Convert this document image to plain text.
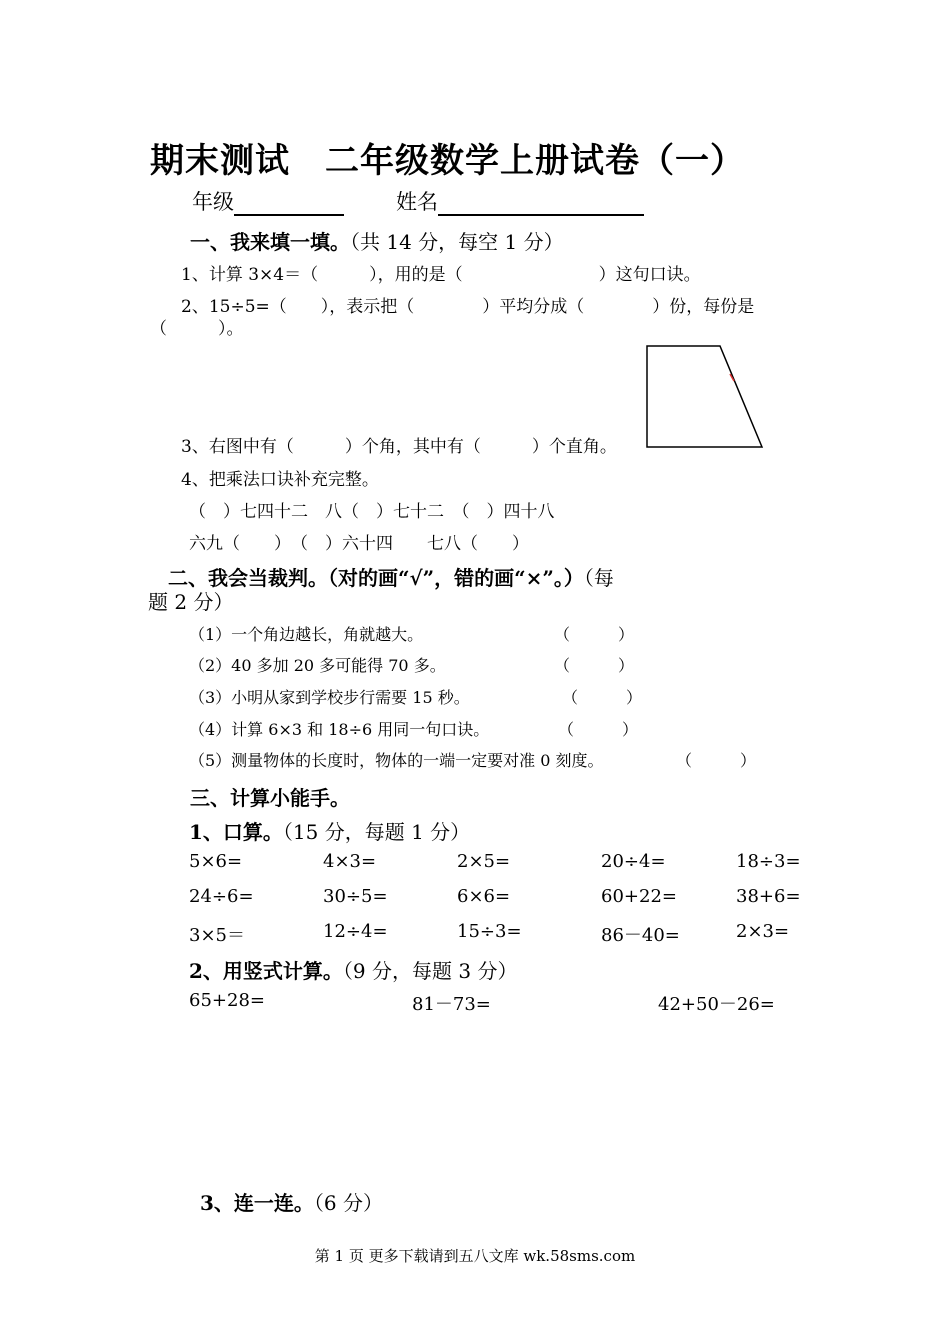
期末测试　二年级数学上册试卷（一）
年级	姓名
一、我来填一填。（共 14 分，每空 1 分）
1、计算 3×4＝（　　　），用的是（　　　　　　　　）这句口诀。
2、15÷5=（　　），表示把（　　　　）平均分成（　　　　）份，每份是
（　　　）。
3、右图中有（　　　）个角，其中有（　　　）个直角。
4、把乘法口诀补充完整。
（　）七四十二　八（　）七十二　（　）四十八
六九（　　）　（　）六十四　　七八（　　）
二、我会当裁判。（对的画“√”，错的画“×”。）（每
题 2 分）
（1）一个角边越长，角就越大。	（　　　）
（2）40 多加 20 多可能得 70 多。	（　　　）
（3）小明从家到学校步行需要 15 秒。	（　　　）
（4）计算 6×3 和 18÷6 用同一句口诀。	（　　　）
（5）测量物体的长度时，物体的一端一定要对准 0 刻度。	（　　　）
三、计算小能手。
1、口算。（15 分，每题 1 分）
5×6=	4×3=	2×5=	20÷4=	18÷3=
24÷6=	30÷5=	6×6=	60+22=	38+6=
3×5＝	12÷4=	15÷3=	86－40=	2×3=
2、用竖式计算。（9 分，每题 3 分）
65+28=	81－73=	42+50－26=
3、连一连。（6 分）
第 1 页 更多下载请到五八文库 wk.58sms.com
